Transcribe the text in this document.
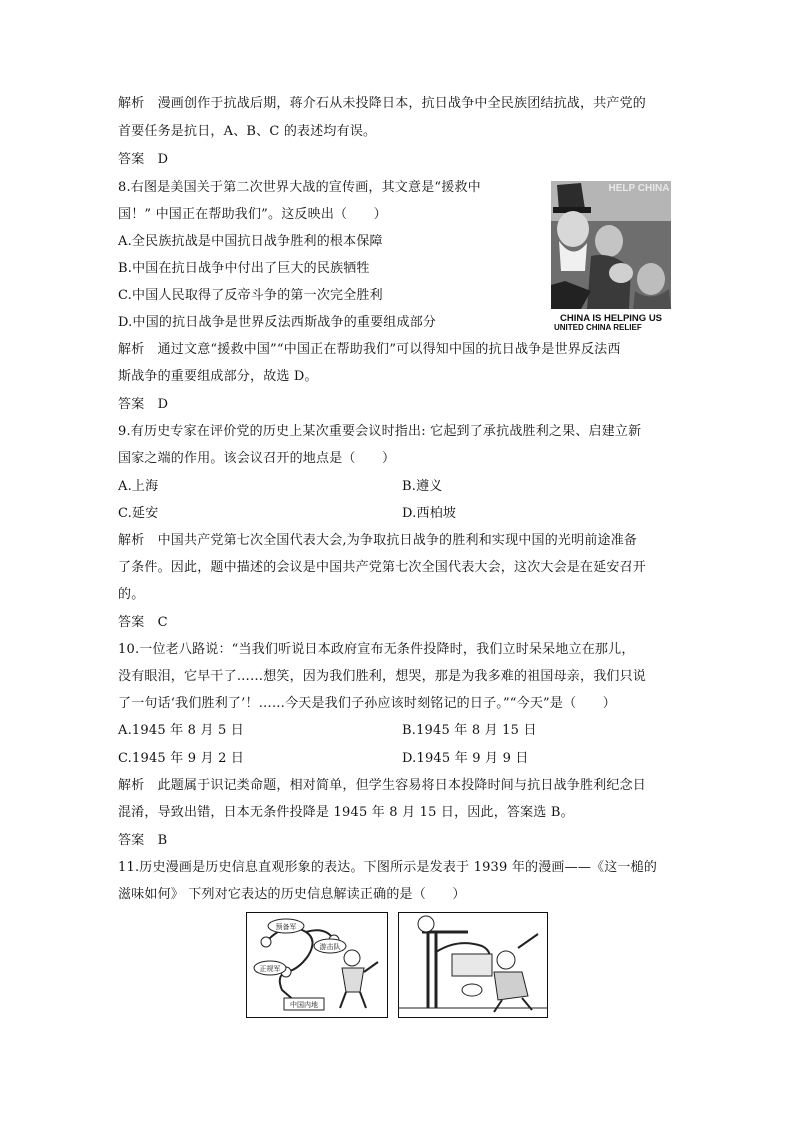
解析　漫画创作于抗战后期，蒋介石从未投降日本，抗日战争中全民族团结抗战，共产党的
首要任务是抗日，A、B、C 的表述均有误。
答案　D
8.右图是美国关于第二次世界大战的宣传画，其文意是“援救中
国！” 中国正在帮助我们”。这反映出（　　）
A.全民族抗战是中国抗日战争胜利的根本保障
B.中国在抗日战争中付出了巨大的民族牺牲
C.中国人民取得了反帝斗争的第一次完全胜利
D.中国的抗日战争是世界反法西斯战争的重要组成部分
HELP CHINA
CHINA IS HELPING US
UNITED CHINA RELIEF
解析　通过文意“援救中国”“中国正在帮助我们”可以得知中国的抗日战争是世界反法西
斯战争的重要组成部分，故选 D。
答案　D
9.有历史专家在评价党的历史上某次重要会议时指出: 它起到了承抗战胜利之果、启建立新
国家之端的作用。该会议召开的地点是（　　）
A.上海	B.遵义
C.延安	D.西柏坡
解析　中国共产党第七次全国代表大会,为争取抗日战争的胜利和实现中国的光明前途准备
了条件。因此，题中描述的会议是中国共产党第七次全国代表大会，这次大会是在延安召开
的。
答案　C
10.一位老八路说：“当我们听说日本政府宣布无条件投降时，我们立时呆呆地立在那儿，
没有眼泪，它早干了……想笑，因为我们胜利，想哭，那是为我多难的祖国母亲，我们只说
了一句话‘我们胜利了’！……今天是我们子孙应该时刻铭记的日子。”“今天”是（　　）
A.1945 年 8 月 5 日	B.1945 年 8 月 15 日
C.1945 年 9 月 2 日	D.1945 年 9 月 9 日
解析　此题属于识记类命题，相对简单，但学生容易将日本投降时间与抗日战争胜利纪念日
混淆，导致出错，日本无条件投降是 1945 年 8 月 15 日，因此，答案选 B。
答案　B
11.历史漫画是历史信息直观形象的表达。下图所示是发表于 1939 年的漫画——《这一槌的
滋味如何》 下列对它表达的历史信息解读正确的是（　　）
预备军
游击队
正规军
中国内地
